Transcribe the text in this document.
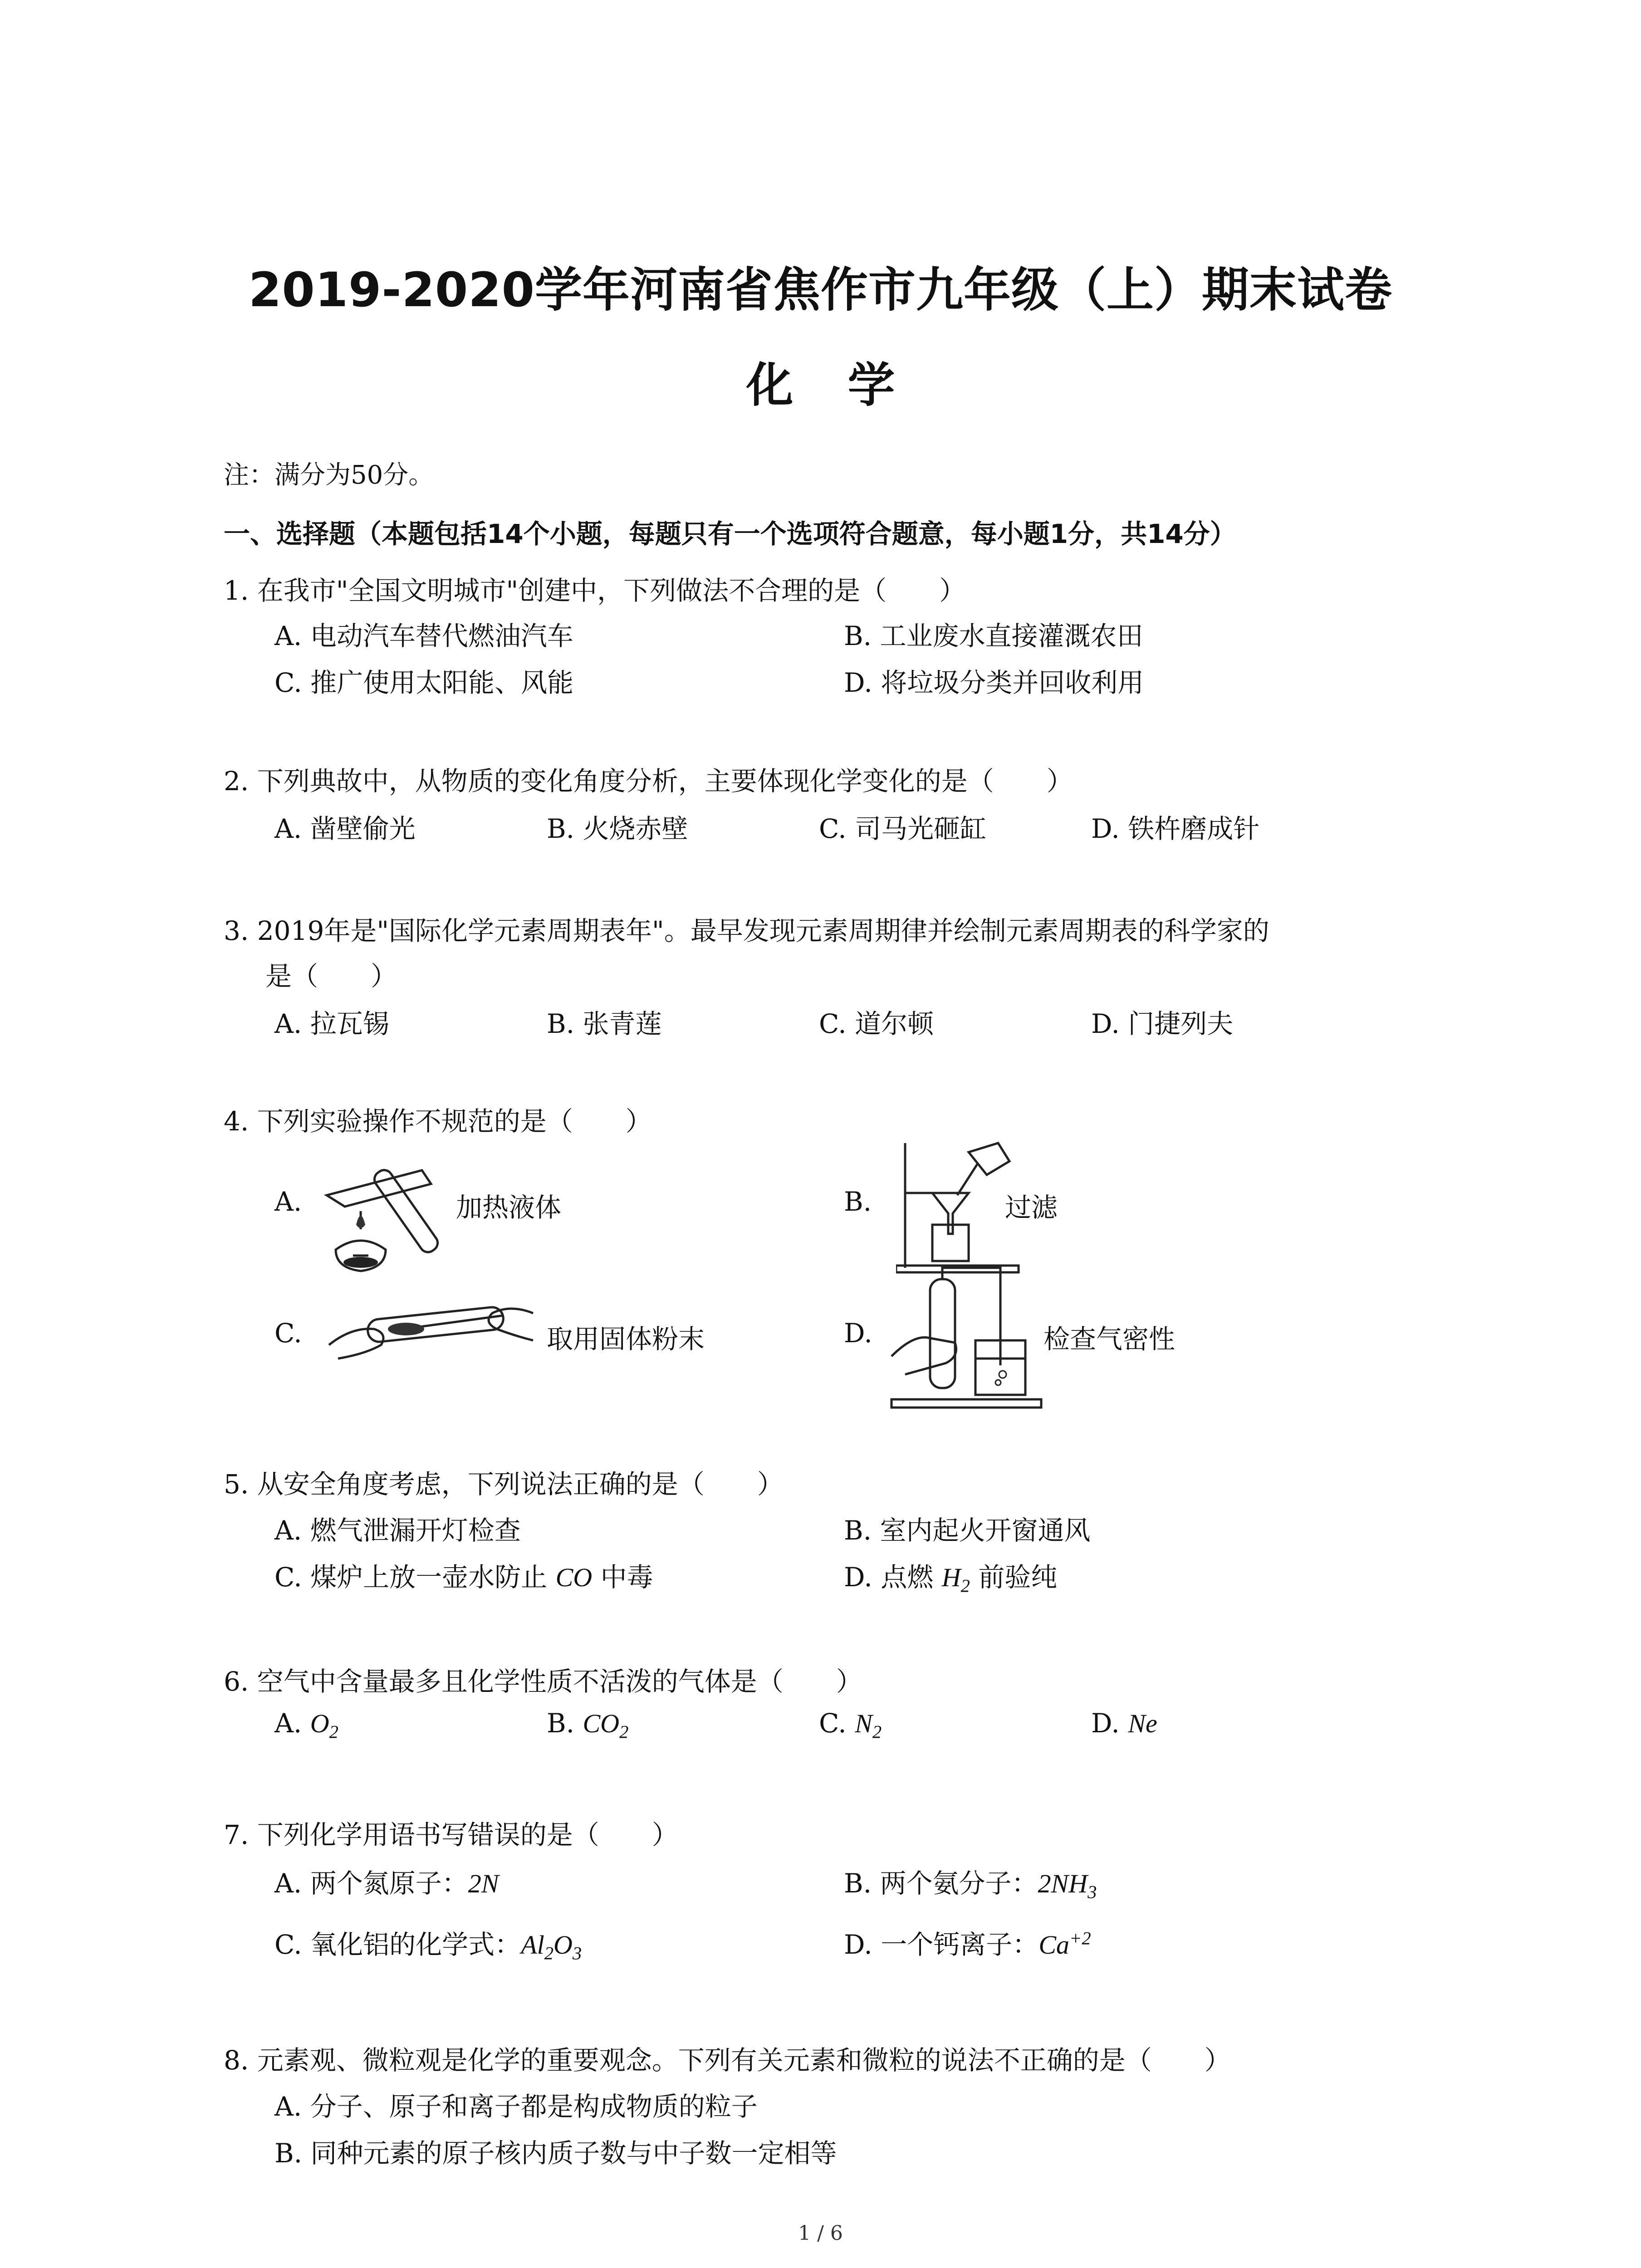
2019-2020学年河南省焦作市九年级（上）期末试卷
化学
注：满分为50分。
一、选择题（本题包括14个小题，每题只有一个选项符合题意，每小题1分，共14分）
1. 在我市"全国文明城市"创建中，下列做法不合理的是（　　）
A. 电动汽车替代燃油汽车	B. 工业废水直接灌溉农田
C. 推广使用太阳能、风能	D. 将垃圾分类并回收利用
2. 下列典故中，从物质的变化角度分析，主要体现化学变化的是（　　）
A. 凿壁偷光	B. 火烧赤壁	C. 司马光砸缸	D. 铁杵磨成针
3. 2019年是"国际化学元素周期表年"。最早发现元素周期律并绘制元素周期表的科学家的
是（　　）
A. 拉瓦锡	B. 张青莲	C. 道尔顿	D. 门捷列夫
4. 下列实验操作不规范的是（　　）
A.	加热液体	B.	过滤
C.	取用固体粉末	D.	检查气密性
5. 从安全角度考虑，下列说法正确的是（　　）
A. 燃气泄漏开灯检查	B. 室内起火开窗通风
C. 煤炉上放一壶水防止 CO 中毒	D. 点燃 $H_2$ 前验纯
6. 空气中含量最多且化学性质不活泼的气体是（　　）
A. $O_2$	B. $CO_2$	C. $N_2$	D. Ne
7. 下列化学用语书写错误的是（　　）
A. 两个氮原子：2N	B. 两个氨分子：$2NH_3$
C. 氧化铝的化学式：$Al_2O_3$	D. 一个钙离子：$Ca^{+2}$
8. 元素观、微粒观是化学的重要观念。下列有关元素和微粒的说法不正确的是（　　）
A. 分子、原子和离子都是构成物质的粒子
B. 同种元素的原子核内质子数与中子数一定相等
1 / 6
